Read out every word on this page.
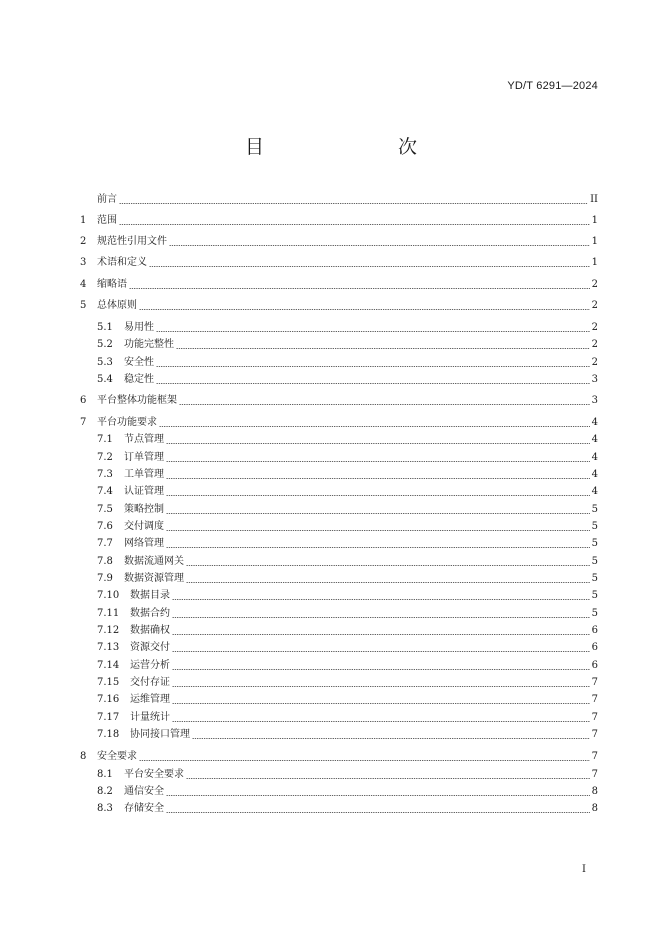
YD/T 6291—2024
目　　次
前言	II
1	范围	1
2	规范性引用文件	1
3	术语和定义	1
4	缩略语	2
5	总体原则	2
5.1	易用性	2
5.2	功能完整性	2
5.3	安全性	2
5.4	稳定性	3
6	平台整体功能框架	3
7	平台功能要求	4
7.1	节点管理	4
7.2	订单管理	4
7.3	工单管理	4
7.4	认证管理	4
7.5	策略控制	5
7.6	交付调度	5
7.7	网络管理	5
7.8	数据流通网关	5
7.9	数据资源管理	5
7.10	数据目录	5
7.11	数据合约	5
7.12	数据确权	6
7.13	资源交付	6
7.14	运营分析	6
7.15	交付存证	7
7.16	运维管理	7
7.17	计量统计	7
7.18	协同接口管理	7
8	安全要求	7
8.1	平台安全要求	7
8.2	通信安全	8
8.3	存储安全	8
I
